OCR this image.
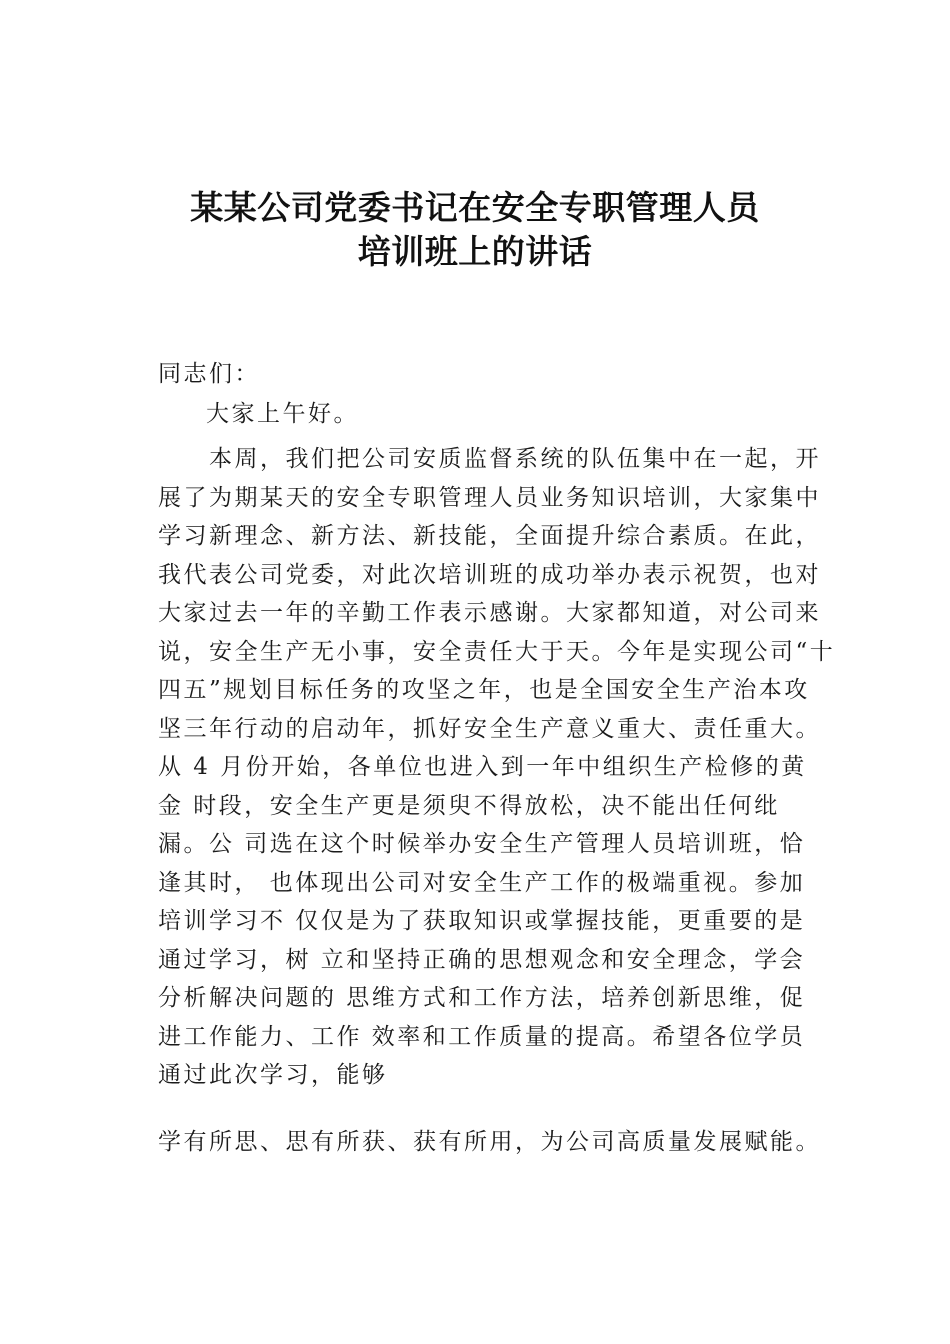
某某公司党委书记在安全专职管理人员
培训班上的讲话
同志们：
大家上午好。
　　本周，我们把公司安质监督系统的队伍集中在一起，开
展了为期某天的安全专职管理人员业务知识培训，大家集中
学习新理念、新方法、新技能，全面提升综合素质。在此，
我代表公司党委，对此次培训班的成功举办表示祝贺，也对
大家过去一年的辛勤工作表示感谢。大家都知道，对公司来
说，安全生产无小事，安全责任大于天。今年是实现公司“十
四五”规划目标任务的攻坚之年，也是全国安全生产治本攻
坚三年行动的启动年，抓好安全生产意义重大、责任重大。
从 4 月份开始，各单位也进入到一年中组织生产检修的黄
金 时段，安全生产更是须臾不得放松，决不能出任何纰
漏。公 司选在这个时候举办安全生产管理人员培训班，恰
逢其时， 也体现出公司对安全生产工作的极端重视。参加
培训学习不 仅仅是为了获取知识或掌握技能，更重要的是
通过学习，树 立和坚持正确的思想观念和安全理念，学会
分析解决问题的 思维方式和工作方法，培养创新思维，促
进工作能力、工作 效率和工作质量的提高。希望各位学员
通过此次学习，能够
学有所思、思有所获、获有所用，为公司高质量发展赋能。
